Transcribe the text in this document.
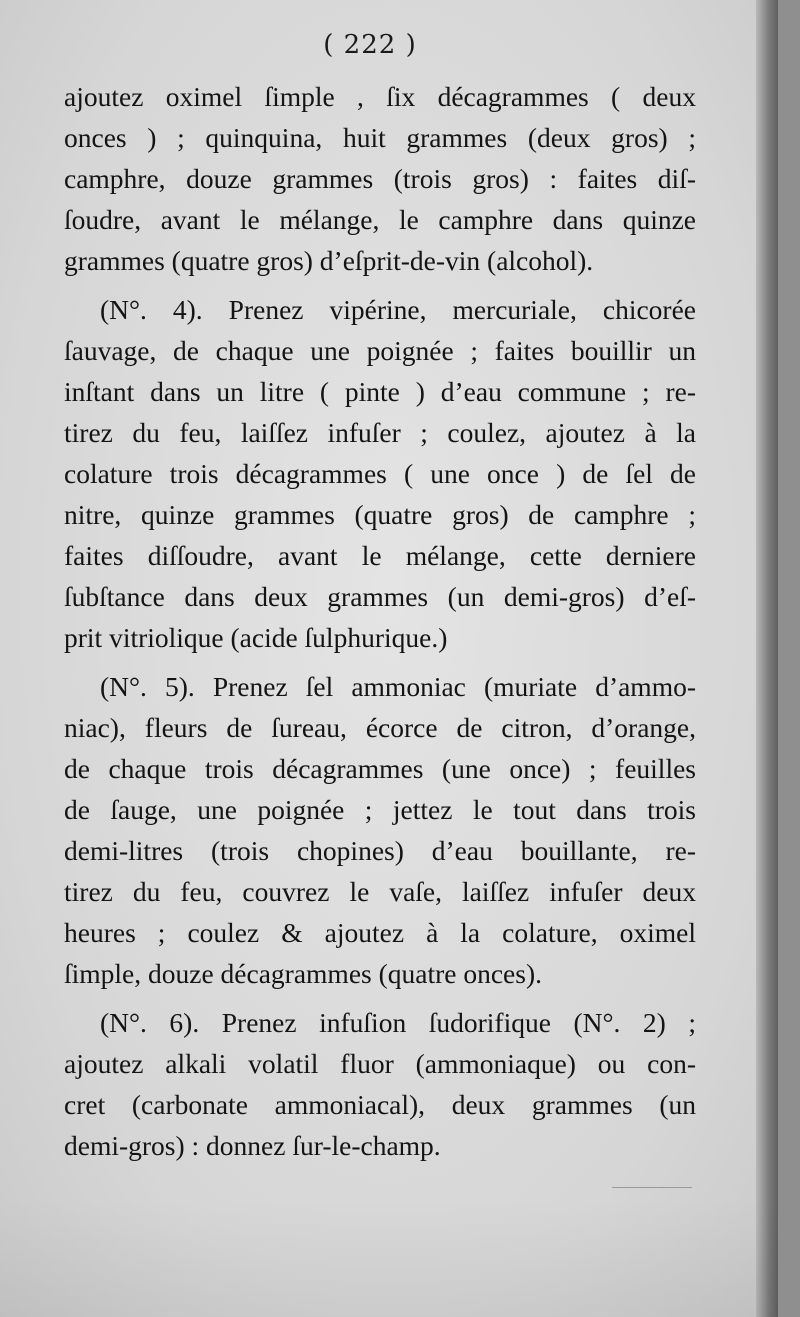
( 222 )
ajoutez oximel ſimple , ſix décagrammes ( deux
onces ) ; quinquina, huit grammes (deux gros) ;
camphre, douze grammes (trois gros) : faites diſ-
ſoudre, avant le mélange, le camphre dans quinze
grammes (quatre gros) d’eſprit-de-vin (alcohol).
(N°. 4). Prenez vipérine, mercuriale, chicorée
ſauvage, de chaque une poignée ; faites bouillir un
inſtant dans un litre ( pinte ) d’eau commune ; re-
tirez du feu, laiſſez infuſer ; coulez, ajoutez à la
colature trois décagrammes ( une once ) de ſel de
nitre, quinze grammes (quatre gros) de camphre ;
faites diſſoudre, avant le mélange, cette derniere
ſubſtance dans deux grammes (un demi-gros) d’eſ-
prit vitriolique (acide ſulphurique.)
(N°. 5). Prenez ſel ammoniac (muriate d’ammo-
niac), fleurs de ſureau, écorce de citron, d’orange,
de chaque trois décagrammes (une once) ; feuilles
de ſauge, une poignée ; jettez le tout dans trois
demi-litres (trois chopines) d’eau bouillante, re-
tirez du feu, couvrez le vaſe, laiſſez infuſer deux
heures ; coulez & ajoutez à la colature, oximel
ſimple, douze décagrammes (quatre onces).
(N°. 6). Prenez infuſion ſudorifique (N°. 2) ;
ajoutez alkali volatil fluor (ammoniaque) ou con-
cret (carbonate ammoniacal), deux grammes (un
demi-gros) : donnez ſur-le-champ.
